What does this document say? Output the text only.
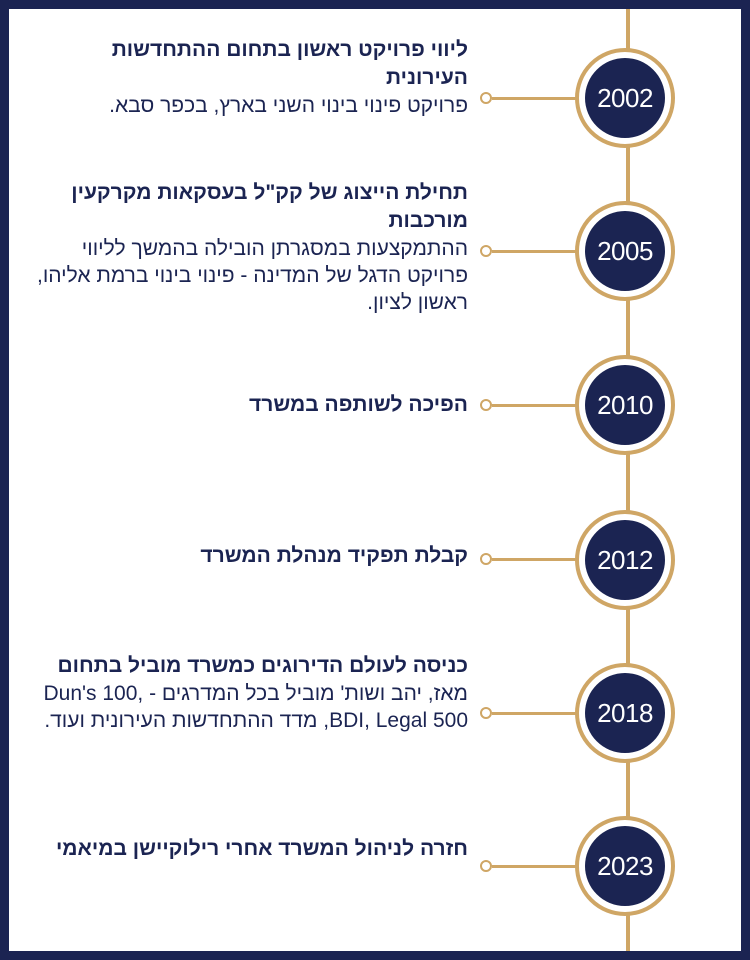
2002

ליווי פרויקט ראשון בתחום ההתחדשות העירונית

פרויקט פינוי בינוי השני בארץ, בכפר סבא.

2005

תחילת הייצוג של קק"ל בעסקאות מקרקעין מורכבות

ההתמקצעות במסגרתן הובילה בהמשך לליווי פרויקט הדגל של המדינה - פינוי בינוי ברמת אליהו, ראשון לציון.

2010

הפיכה לשותפה במשרד

2012

קבלת תפקיד מנהלת המשרד

2018

כניסה לעולם הדירוגים כמשרד מוביל בתחום

מאז, יהב ושות' מוביל בכל המדרגים - Dun's 100, BDI, Legal 500, מדד ההתחדשות העירונית ועוד.

2023

חזרה לניהול המשרד אחרי רילוקיישן במיאמי
